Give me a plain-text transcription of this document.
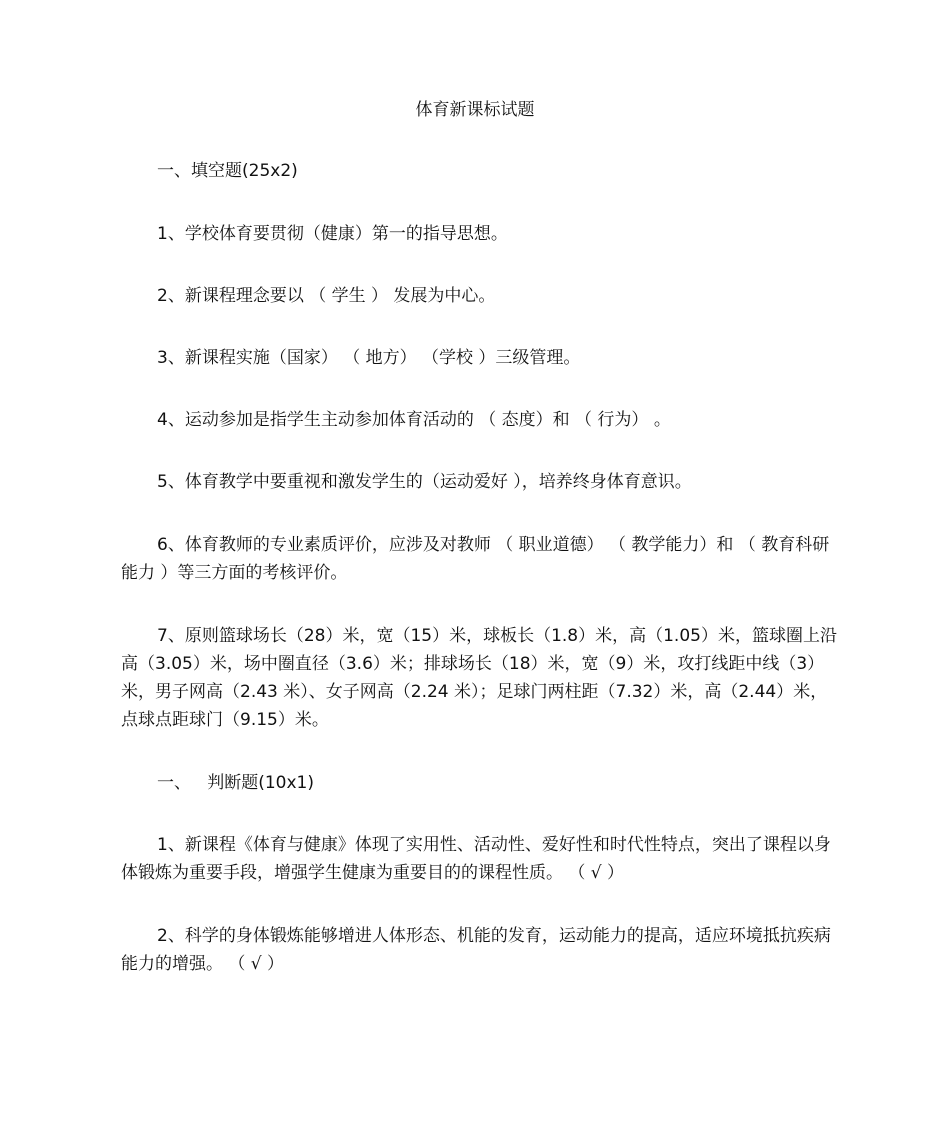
体育新课标试题
一、填空题(25x2)
1、学校体育要贯彻（健康）第一的指导思想。
2、新课程理念要以 （ 学生 ） 发展为中心。
3、新课程实施（国家） （ 地方） （学校 ）三级管理。
4、运动参加是指学生主动参加体育活动的 （ 态度）和 （ 行为） 。
5、体育教学中要重视和激发学生的（运动爱好 ），培养终身体育意识。
6、体育教师的专业素质评价，应涉及对教师 （ 职业道德） （ 教学能力）和 （ 教育科研能力 ）等三方面的考核评价。
7、原则篮球场长（28）米，宽（15）米，球板长（1.8）米，高（1.05）米，篮球圈上沿高（3.05）米，场中圈直径（3.6）米；排球场长（18）米，宽（9）米，攻打线距中线（3）米，男子网高（2.43 米）、女子网高（2.24 米）；足球门两柱距（7.32）米，高（2.44）米，点球点距球门（9.15）米。
一、   判断题(10x1)
1、新课程《体育与健康》体现了实用性、活动性、爱好性和时代性特点，突出了课程以身体锻炼为重要手段，增强学生健康为重要目的的课程性质。 （ √ ）
2、科学的身体锻炼能够增进人体形态、机能的发育，运动能力的提高，适应环境抵抗疾病能力的增强。 （ √ ）
